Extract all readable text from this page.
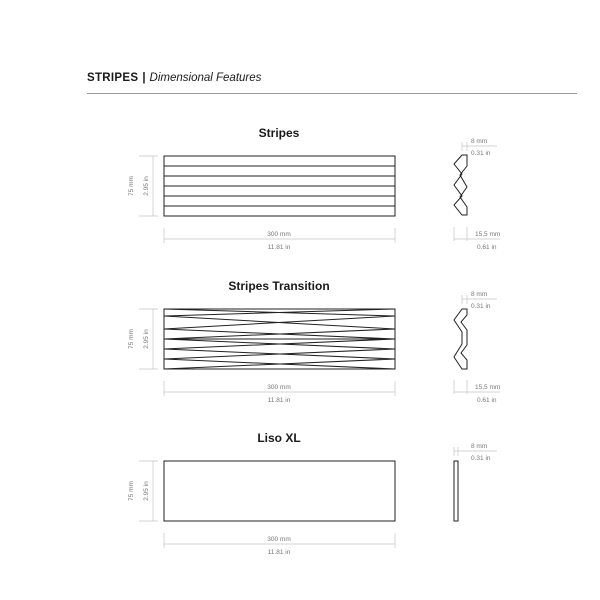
STRIPES | Dimensional Features
Stripes
75 mm 2.95 in
300 mm
11.81 in
8 mm
0.31 in
15,5 mm
0.61 in
Stripes Transition
75 mm 2.95 in
300 mm
11.81 in
8 mm
0.31 in
15,5 mm
0.61 in
Liso XL
75 mm 2.95 in
300 mm
11.81 in
8 mm
0.31 in
